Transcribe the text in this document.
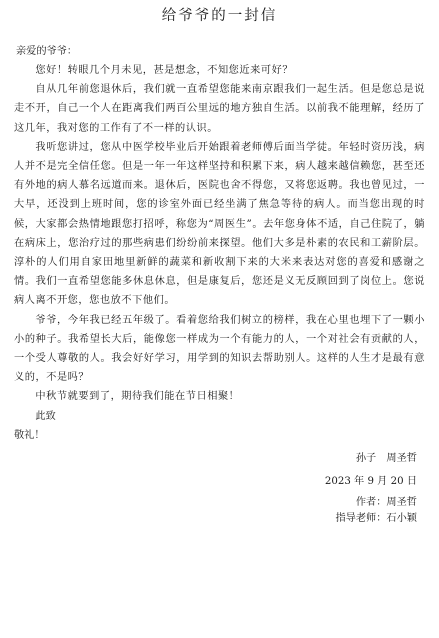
给爷爷的一封信
亲爱的爷爷：

您好！转眼几个月未见，甚是想念，不知您近来可好？

自从几年前您退休后，我们就一直希望您能来南京跟我们一起生活。但是您总是说走不开，自己一个人在距离我们两百公里远的地方独自生活。以前我不能理解，经历了这几年，我对您的工作有了不一样的认识。

我听您讲过，您从中医学校毕业后开始跟着老师傅后面当学徒。年轻时资历浅，病人并不是完全信任您。但是一年一年这样坚持和积累下来，病人越来越信赖您，甚至还有外地的病人慕名远道而来。退休后，医院也舍不得您，又将您返聘。我也曾见过，一大早，还没到上班时间，您的诊室外面已经坐满了焦急等待的病人。而当您出现的时候，大家都会热情地跟您打招呼，称您为“周医生”。去年您身体不适，自己住院了，躺在病床上，您治疗过的那些病患们纷纷前来探望。他们大多是朴素的农民和工薪阶层。淳朴的人们用自家田地里新鲜的蔬菜和新收割下来的大米来表达对您的喜爱和感谢之情。我们一直希望您能多休息休息，但是康复后，您还是义无反顾回到了岗位上。您说病人离不开您，您也放不下他们。

爷爷，今年我已经五年级了。看着您给我们树立的榜样，我在心里也埋下了一颗小小的种子。我希望长大后，能像您一样成为一个有能力的人，一个对社会有贡献的人，一个受人尊敬的人。我会好好学习，用学到的知识去帮助别人。这样的人生才是最有意义的，不是吗？

中秋节就要到了，期待我们能在节日相聚！

此致

敬礼！

孙子　周圣哲

2023 年 9 月 20 日

作者：周圣哲

指导老师：石小颖
